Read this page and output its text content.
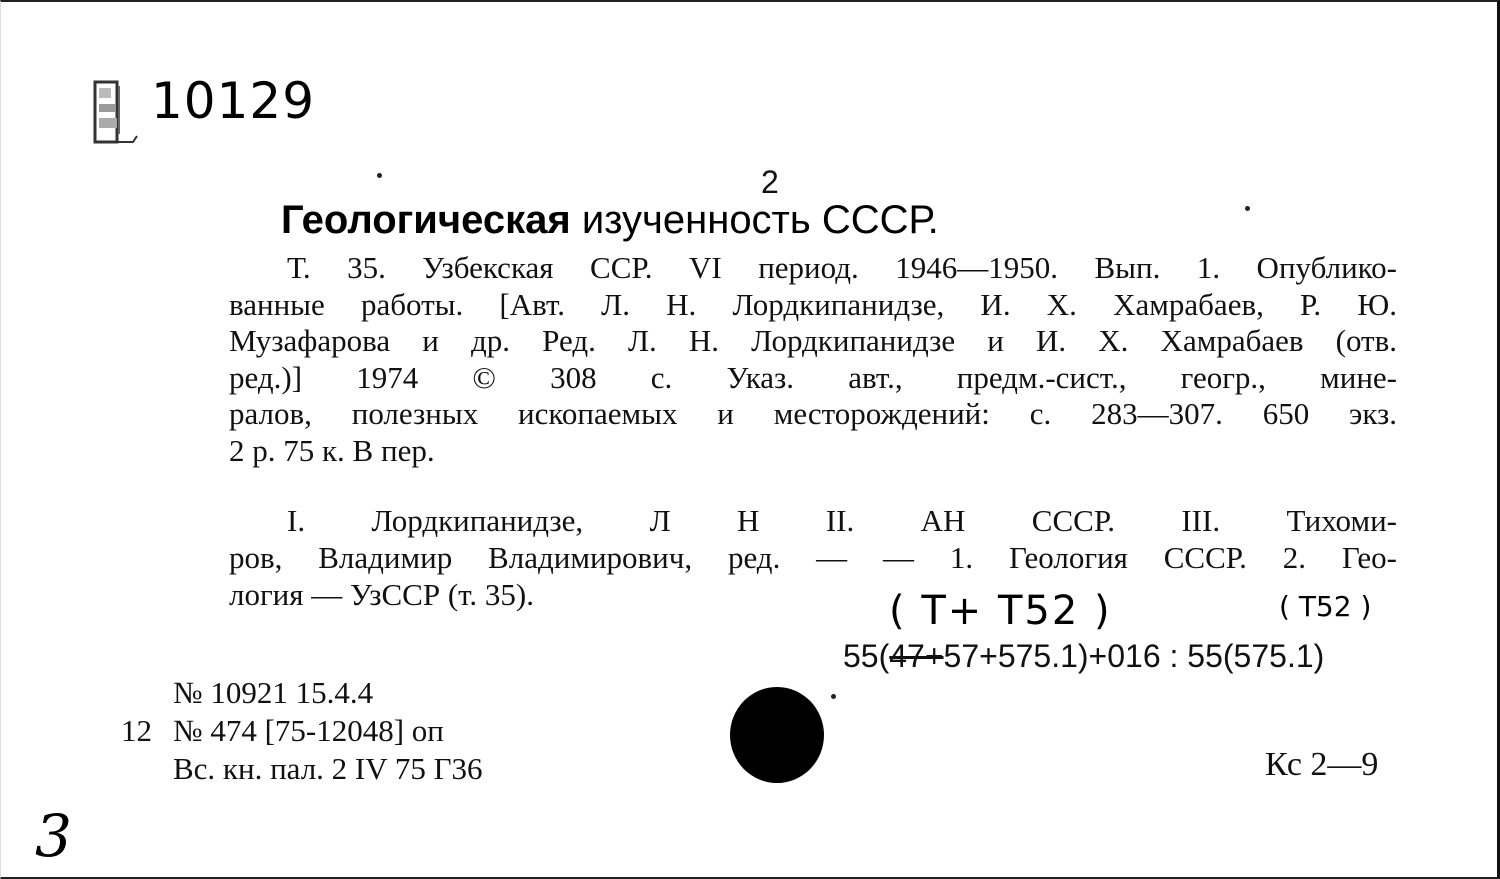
10129
2
Геологическая изученность СССР.
Т. 35. Узбекская ССР. VI период. 1946—1950. Вып. 1. Опублико-
ванные работы. [Авт. Л. Н. Лордкипанидзе, И. Х. Хамрабаев, Р. Ю.
Музафарова и др. Ред. Л. Н. Лордкипанидзе и И. Х. Хамрабаев (отв.
ред.)] 1974 © 308 с. Указ. авт., предм.-сист., геогр., мине-
ралов, полезных ископаемых и месторождений: с. 283—307. 650 экз.
2 р. 75 к. В пер.
I. Лордкипанидзе, Л Н II. АН СССР. III. Тихоми-
ров, Владимир Владимирович, ред. — — 1. Геология СССР. 2. Гео-
логия — УзССР (т. 35).	( Т+ Т52 )	( Т52 )
55(47+57+575.1)+016 : 55(575.1)
№ 10921 15.4.4
12 № 474 [75-12048] оп
Вс. кн. пал. 2 IV 75 Г36	Кс 2—9
3
